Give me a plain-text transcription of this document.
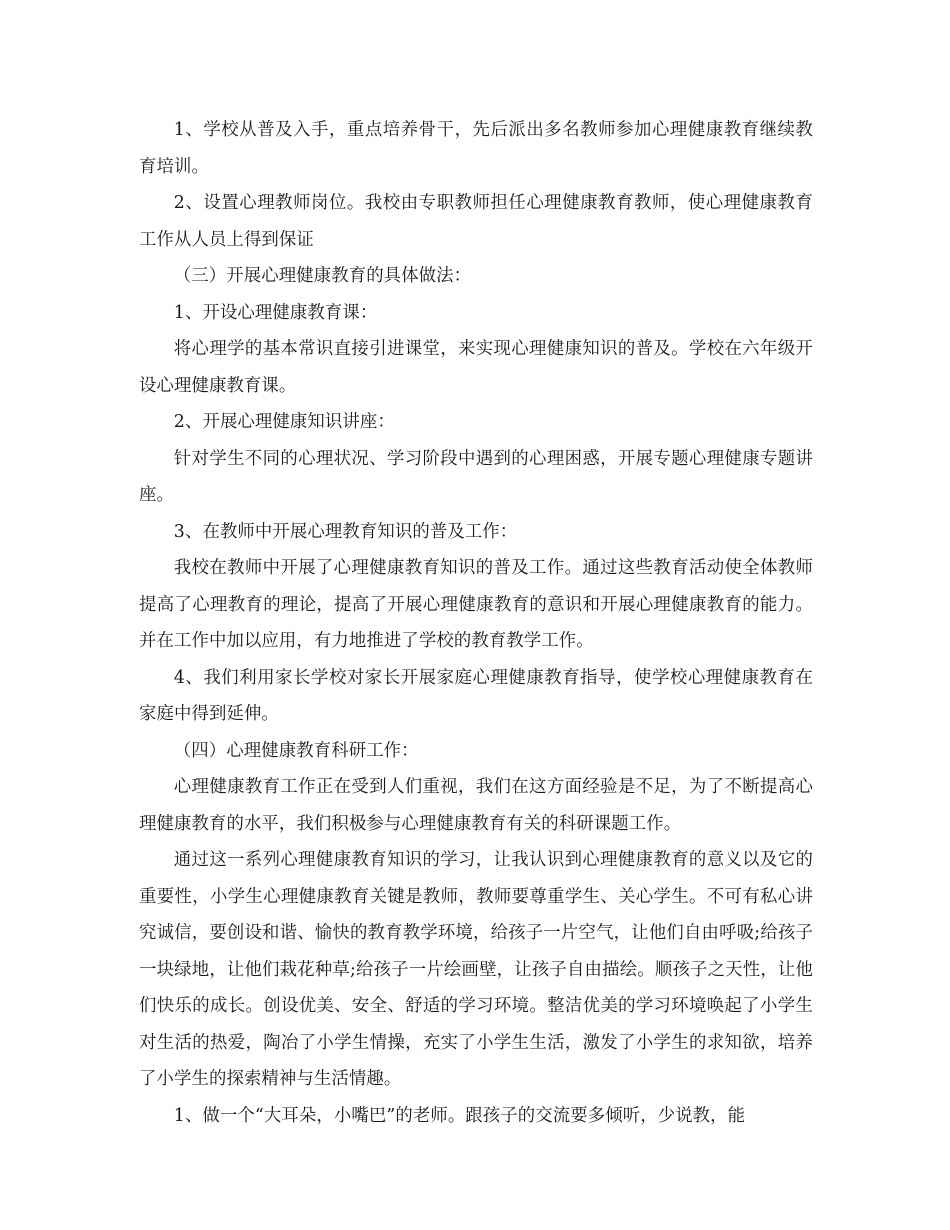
1、学校从普及入手，重点培养骨干，先后派出多名教师参加心理健康教育继续教育培训。

2、设置心理教师岗位。我校由专职教师担任心理健康教育教师，使心理健康教育工作从人员上得到保证

（三）开展心理健康教育的具体做法：

1、开设心理健康教育课：

将心理学的基本常识直接引进课堂，来实现心理健康知识的普及。学校在六年级开设心理健康教育课。

2、开展心理健康知识讲座：

针对学生不同的心理状况、学习阶段中遇到的心理困惑，开展专题心理健康专题讲座。

3、在教师中开展心理教育知识的普及工作：

我校在教师中开展了心理健康教育知识的普及工作。通过这些教育活动使全体教师提高了心理教育的理论，提高了开展心理健康教育的意识和开展心理健康教育的能力。并在工作中加以应用，有力地推进了学校的教育教学工作。

4、我们利用家长学校对家长开展家庭心理健康教育指导，使学校心理健康教育在家庭中得到延伸。

（四）心理健康教育科研工作：

心理健康教育工作正在受到人们重视，我们在这方面经验是不足，为了不断提高心理健康教育的水平，我们积极参与心理健康教育有关的科研课题工作。

通过这一系列心理健康教育知识的学习，让我认识到心理健康教育的意义以及它的重要性，小学生心理健康教育关键是教师，教师要尊重学生、关心学生。不可有私心讲究诚信，要创设和谐、愉快的教育教学环境，给孩子一片空气，让他们自由呼吸;给孩子一块绿地，让他们栽花种草;给孩子一片绘画壁，让孩子自由描绘。顺孩子之天性，让他们快乐的成长。创设优美、安全、舒适的学习环境。整洁优美的学习环境唤起了小学生对生活的热爱，陶冶了小学生情操，充实了小学生生活，激发了小学生的求知欲，培养了小学生的探索精神与生活情趣。

1、做一个“大耳朵，小嘴巴”的老师。跟孩子的交流要多倾听，少说教，能
